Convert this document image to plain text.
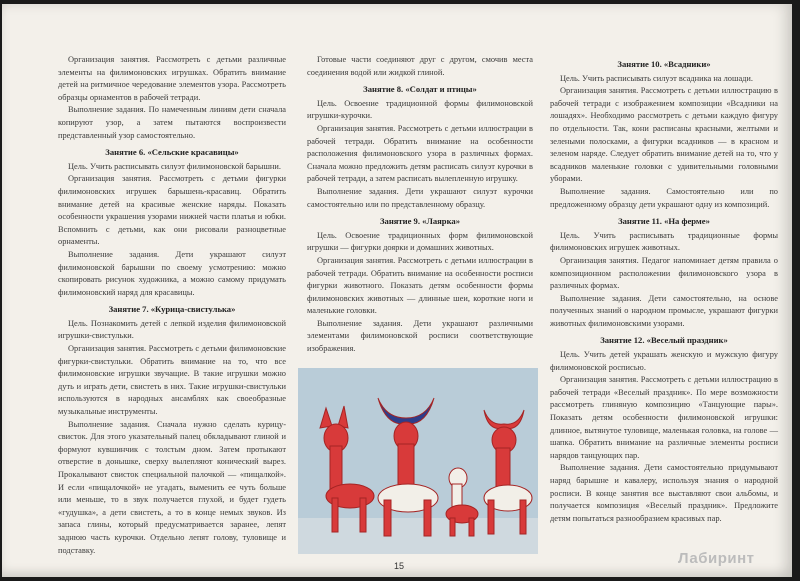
Организация занятия. Рассмотреть с детьми различные элементы на филимоновских игрушках. Обратить внимание детей на ритмичное чередование элементов узора. Рассмотреть образцы орнаментов в рабочей тетради.

Выполнение задания. По намеченным линиям дети сначала копируют узор, а затем пытаются воспроизвести представленный узор самостоятельно.

Занятие 6. «Сельские красавицы»

Цель. Учить расписывать силуэт филимоновской барышни.

Организация занятия. Рассмотреть с детьми фигурки филимоновских игрушек барышень-красавиц. Обратить внимание детей на красивые женские наряды. Показать особенности украшения узорами нижней части платья и юбки. Вспомнить с детьми, как они рисовали разноцветные орнаменты.

Выполнение задания. Дети украшают силуэт филимоновской барышни по своему усмотрению: можно скопировать рисунок художника, а можно самому придумать филимоновский наряд для красавицы.

Занятие 7. «Курица-свистулька»

Цель. Познакомить детей с лепкой изделия филимоновской игрушки-свистульки.

Организация занятия. Рассмотреть с детьми филимоновские фигурки-свистульки. Обратить внимание на то, что все филимоновские игрушки звучащие. В такие игрушки можно дуть и играть дети, свистеть в них. Такие игрушки-свистульки используются в народных ансамблях как своеобразные музыкальные инструменты.

Выполнение задания. Сначала нужно сделать курицу-свисток. Для этого указательный палец обкладывают глиной и формуют кувшинчик с толстым дном. Затем протыкают отверстие в донышке, сверху вылепляют конический вырез. Прокалывают свисток специальной палочкой — «пищалкой». И если «пищалочкой» не угадать, выменить ее чуть больше или меньше, то в звук получается глухой, и будет гудеть «гудушка», а дети свистеть, а то в конце немых звуков. Из запаса глины, который предусматривается заранее, лепят заднюю часть курочки. Отдельно лепят голову, туловище и подставку.

Готовые части соединяют друг с другом, смочив места соединения водой или жидкой глиной.

Занятие 8. «Солдат и птицы»

Цель. Освоение традиционной формы филимоновской игрушки-курочки.

Организация занятия. Рассмотреть с детьми иллюстрации в рабочей тетради. Обратить внимание на особенности расположения филимоновского узора в различных формах. Сначала можно предложить детям расписать силуэт курочки в рабочей тетради, а затем расписать вылепленную игрушку.

Выполнение задания. Дети украшают силуэт курочки самостоятельно или по представленному образцу.

Занятие 9. «Лаярка»

Цель. Освоение традиционных форм филимоновской игрушки — фигурки доярки и домашних животных.

Организация занятия. Рассмотреть с детьми иллюстрации в рабочей тетради. Обратить внимание на особенности росписи фигурки животного. Показать детям особенности формы филимоновских животных — длинные шеи, короткие ноги и маленькие головки.

Выполнение задания. Дети украшают различными элементами филимоновской росписи соответствующие изображения.

Занятие 10. «Всадники»

Цель. Учить расписывать силуэт всадника на лошади.

Организация занятия. Рассмотреть с детьми иллюстрацию в рабочей тетради с изображением композиции «Всадники на лошадях». Необходимо рассмотреть с детьми каждую фигуру по отдельности. Так, кони расписаны красными, желтыми и зелеными полосками, а фигурки всадников — в красном и зеленом наряде. Следует обратить внимание детей на то, что у всадников маленькие головки с удивительными головными уборами.

Выполнение задания. Самостоятельно или по предложенному образцу дети украшают одну из композиций.

Занятие 11. «На ферме»

Цель. Учить расписывать традиционные формы филимоновских игрушек животных.

Организация занятия. Педагог напоминает детям правила о композиционном расположении филимоновского узора в различных формах.

Выполнение задания. Дети самостоятельно, на основе полученных знаний о народном промысле, украшают фигурки животных филимоновскими узорами.

Занятие 12. «Веселый праздник»

Цель. Учить детей украшать женскую и мужскую фигуру филимоновской росписью.

Организация занятия. Рассмотреть с детьми иллюстрацию в рабочей тетради «Веселый праздник». По мере возможности рассмотреть глиняную композицию «Танцующие пары». Показать детям особенности филимоновской игрушки: длинное, вытянутое туловище, маленькая головка, на голове — шапка. Обратить внимание на различные элементы росписи нарядов танцующих пар.

Выполнение задания. Дети самостоятельно придумывают наряд барышне и кавалеру, используя знания о народной росписи. В конце занятия все выставляют свои альбомы, и получается композиция «Веселый праздник». Предложите детям попытаться разнообразием красивых пар.

15	Лабиринт
